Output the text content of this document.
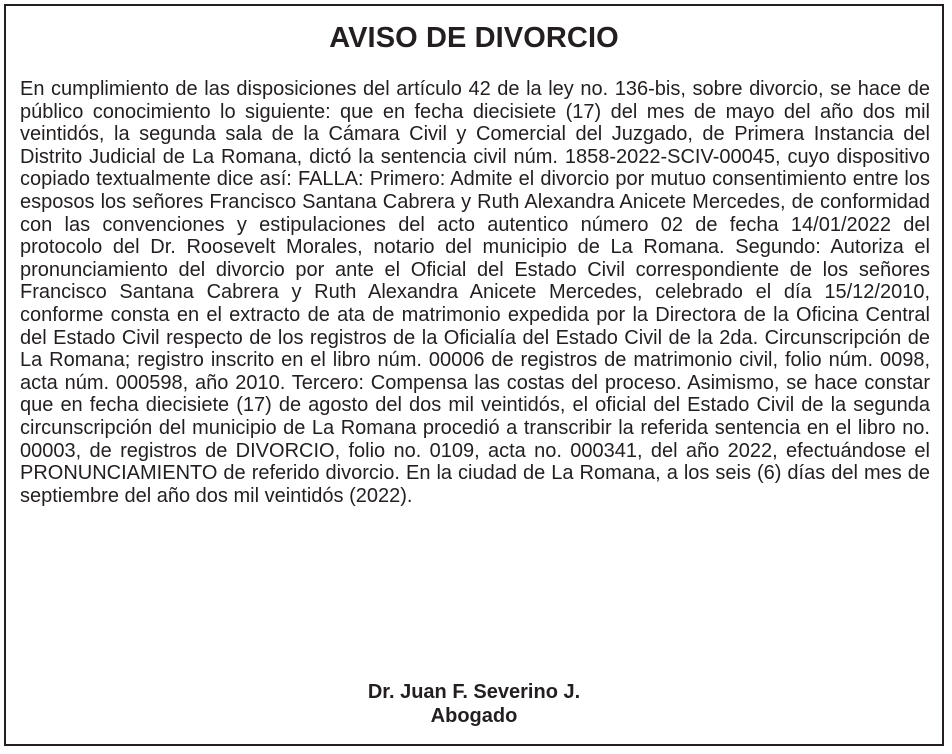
AVISO DE DIVORCIO

En cumplimiento de las disposiciones del artículo 42 de la ley no. 136-bis, sobre divorcio, se hace de público conocimiento lo siguiente: que en fecha diecisiete (17) del mes de mayo del año dos mil veintidós, la segunda sala de la Cámara Civil y Comercial del Juzgado, de Primera Instancia del Distrito Judicial de La Romana, dictó la sentencia civil núm. 1858-2022-SCIV-00045, cuyo dispositivo copiado textualmente dice así: FALLA: Primero: Admite el divorcio por mutuo consentimiento entre los esposos los señores Francisco Santana Cabrera y Ruth Alexandra Anicete Mercedes, de conformidad con las convenciones y estipulaciones del acto autentico número 02 de fecha 14/01/2022 del protocolo del Dr. Roosevelt Morales, notario del municipio de La Romana. Segundo: Autoriza el pronunciamiento del divorcio por ante el Oficial del Estado Civil correspondiente de los señores Francisco Santana Cabrera y Ruth Alexandra Anicete Mercedes, celebrado el día 15/12/2010, conforme consta en el extracto de ata de matrimonio expedida por la Directora de la Oficina Central del Estado Civil respecto de los registros de la Oficialía del Estado Civil de la 2da. Circunscripción de La Romana; registro inscrito en el libro núm. 00006 de registros de matrimonio civil, folio núm. 0098, acta núm. 000598, año 2010. Tercero: Compensa las costas del proceso. Asimismo, se hace constar que en fecha diecisiete (17) de agosto del dos mil veintidós, el oficial del Estado Civil de la segunda circunscripción del municipio de La Romana procedió a transcribir la referida sentencia en el libro no. 00003, de registros de DIVORCIO, folio no. 0109, acta no. 000341, del año 2022, efectuándose el PRONUNCIAMIENTO de referido divorcio. En la ciudad de La Romana, a los seis (6) días del mes de septiembre del año dos mil veintidós (2022).

Dr. Juan F. Severino J.
Abogado
